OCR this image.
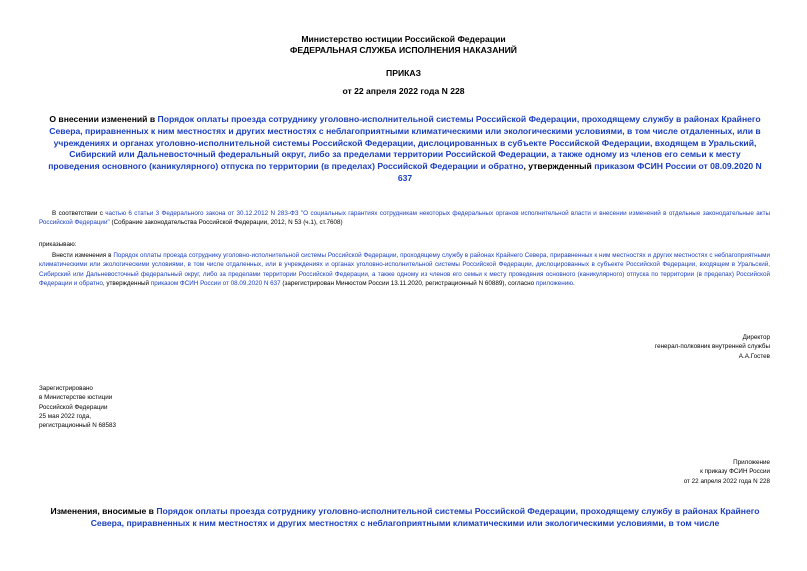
Министерство юстиции Российской Федерации
ФЕДЕРАЛЬНАЯ СЛУЖБА ИСПОЛНЕНИЯ НАКАЗАНИЙ
ПРИКАЗ
от 22 апреля 2022 года N 228
О внесении изменений в Порядок оплаты проезда сотруднику уголовно-исполнительной системы Российской Федерации, проходящему службу в районах Крайнего Севера, приравненных к ним местностях и других местностях с неблагоприятными климатическими или экологическими условиями, в том числе отдаленных, или в учреждениях и органах уголовно-исполнительной системы Российской Федерации, дислоцированных в субъекте Российской Федерации, входящем в Уральский, Сибирский или Дальневосточный федеральный округ, либо за пределами территории Российской Федерации, а также одному из членов его семьи к месту проведения основного (каникулярного) отпуска по территории (в пределах) Российской Федерации и обратно, утвержденный приказом ФСИН России от 08.09.2020 N 637
В соответствии с частью 6 статьи 3 Федерального закона от 30.12.2012 N 283-ФЗ "О социальных гарантиях сотрудникам некоторых федеральных органов исполнительной власти и внесении изменений в отдельные законодательные акты Российской Федерации" (Собрание законодательства Российской Федерации, 2012, N 53 (ч.1), ст.7608)
приказываю:
Внести изменения в Порядок оплаты проезда сотруднику уголовно-исполнительной системы Российской Федерации, проходящему службу в районах Крайнего Севера, приравненных к ним местностях и других местностях с неблагоприятными климатическими или экологическими условиями, в том числе отдаленных, или в учреждениях и органах уголовно-исполнительной системы Российской Федерации, дислоцированных в субъекте Российской Федерации, входящем в Уральский, Сибирский или Дальневосточный федеральный округ, либо за пределами территории Российской Федерации, а также одному из членов его семьи к месту проведения основного (каникулярного) отпуска по территории (в пределах) Российской Федерации и обратно, утвержденный приказом ФСИН России от 08.09.2020 N 637 (зарегистрирован Минюстом России 13.11.2020, регистрационный N 60889), согласно приложению.
Директор
генерал-полковник внутренней службы
А.А.Гостев
Зарегистрировано
в Министерстве юстиции
Российской Федерации
25 мая 2022 года,
регистрационный N 68583
Приложение
к приказу ФСИН России
от 22 апреля 2022 года N 228
Изменения, вносимые в Порядок оплаты проезда сотруднику уголовно-исполнительной системы Российской Федерации, проходящему службу в районах Крайнего Севера, приравненных к ним местностях и других местностях с неблагоприятными климатическими или экологическими условиями, в том числе
